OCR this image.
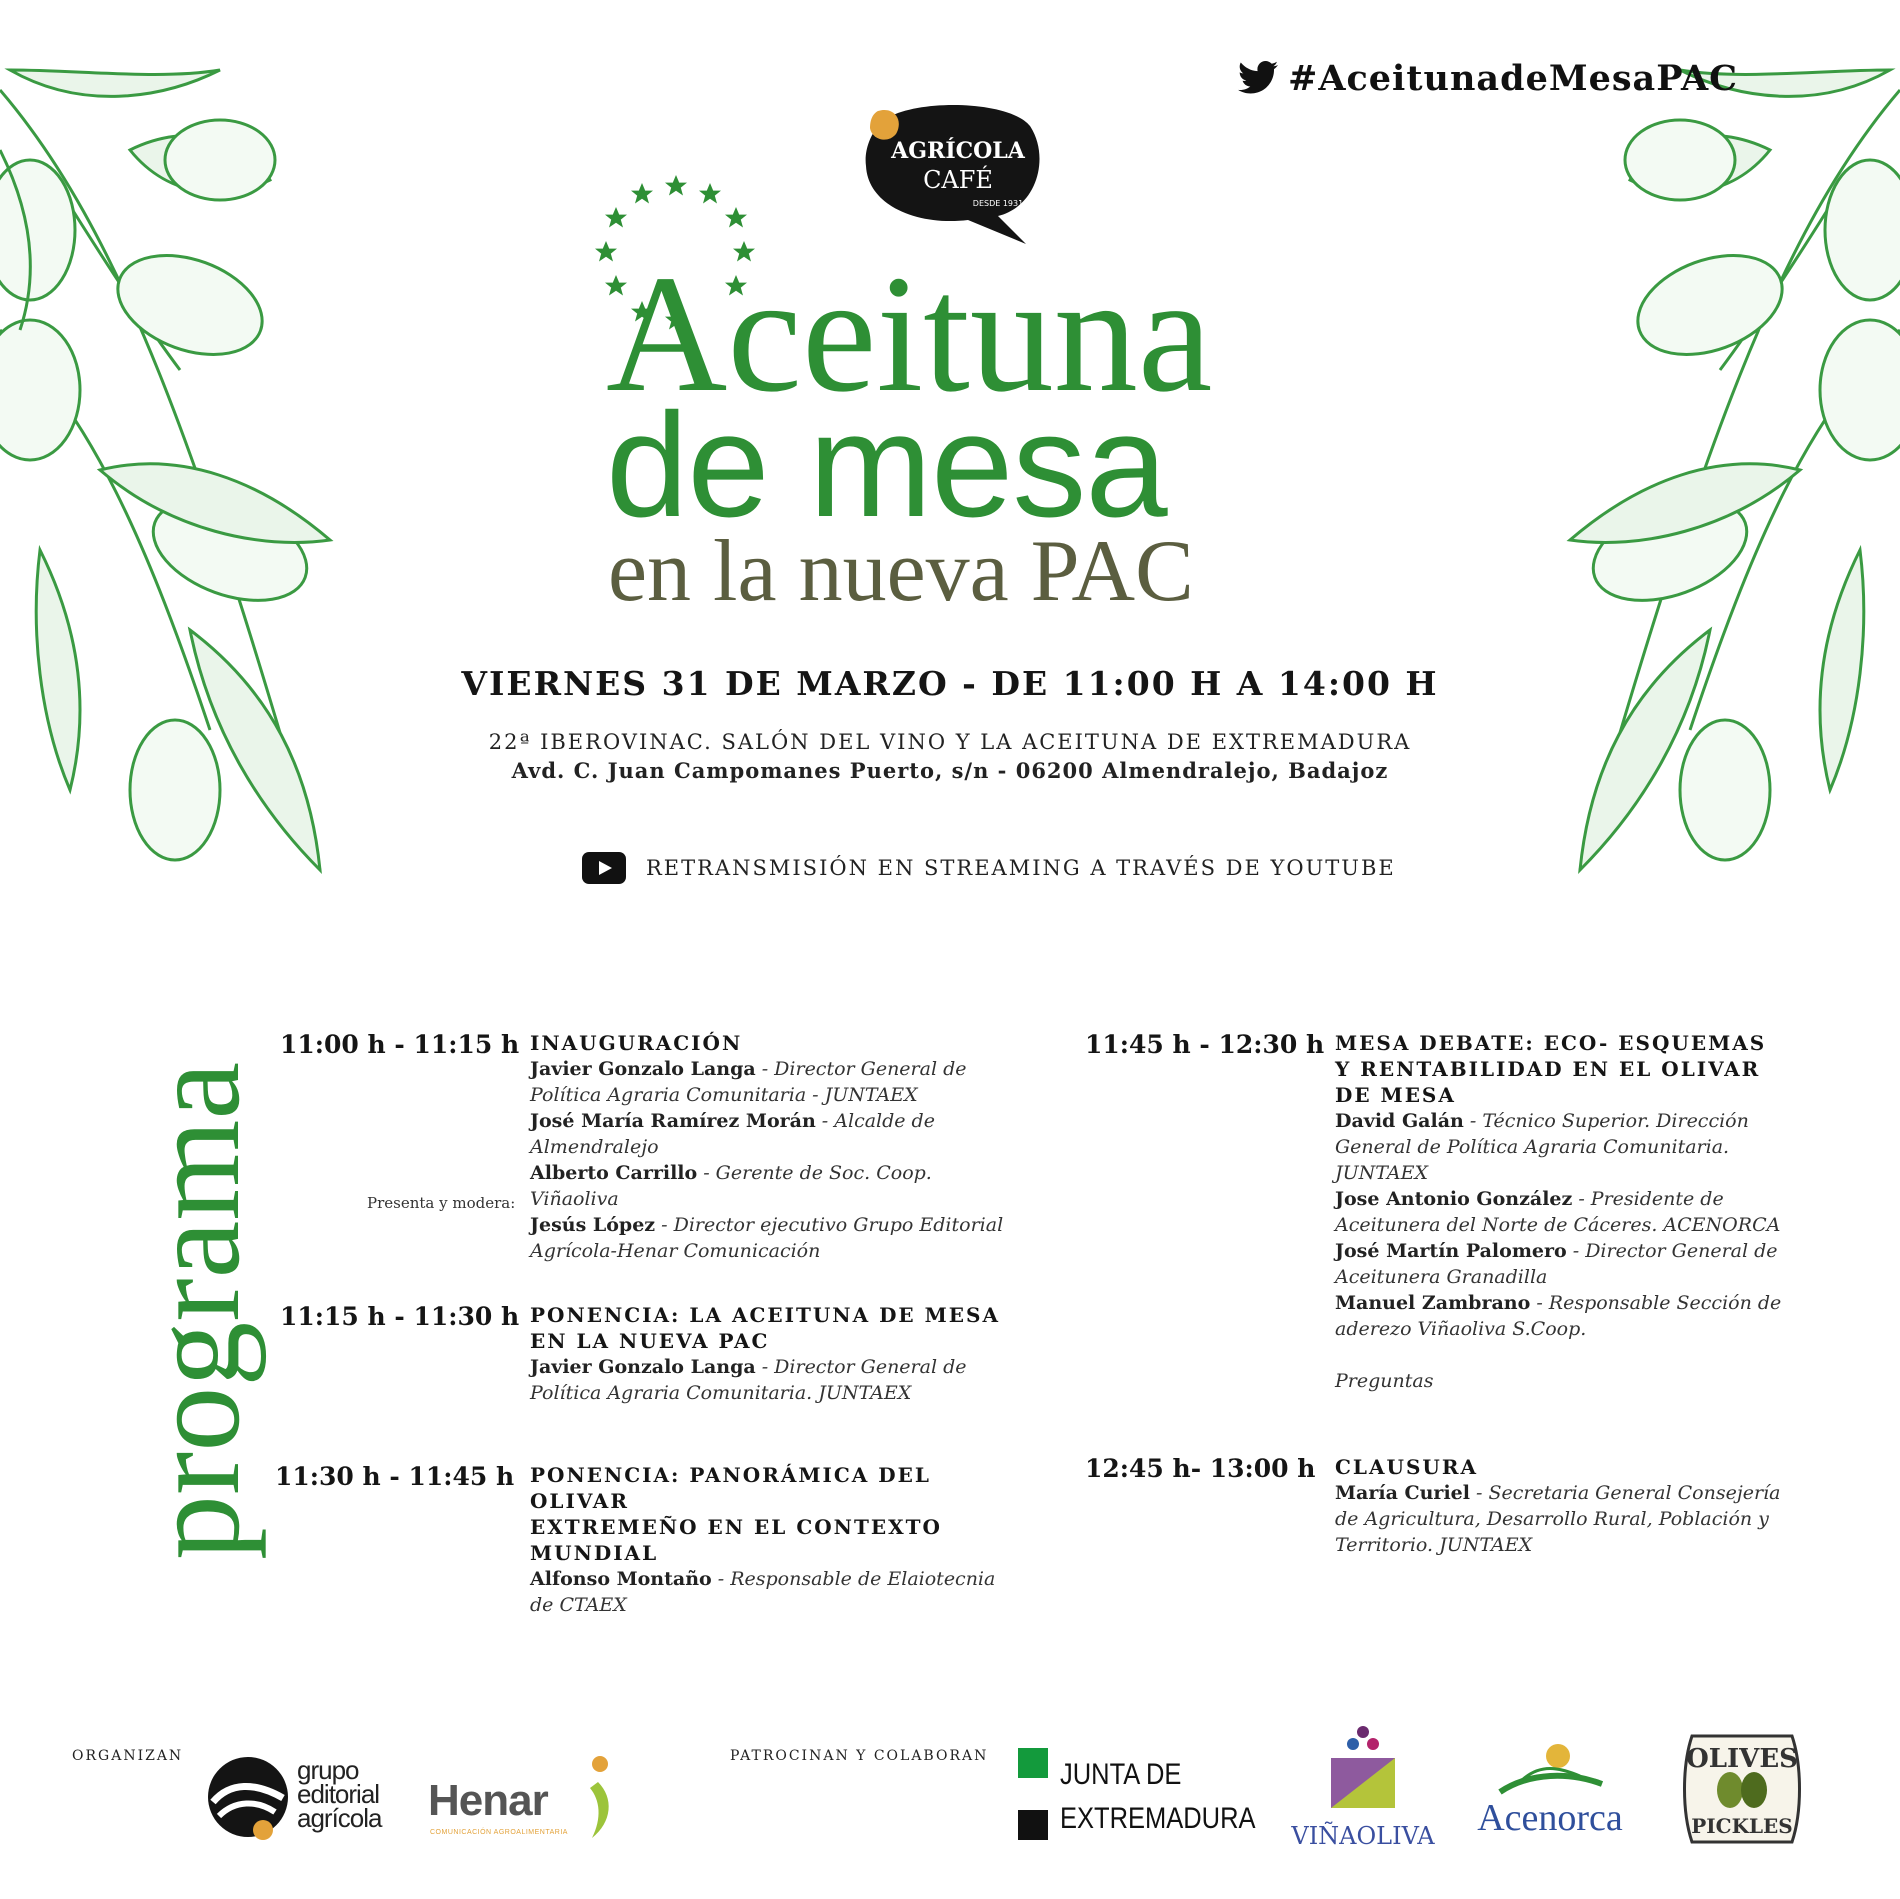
#AceitunadeMesaPAC
AGRÍCOLA
CAFÉ
DESDE 1931
Aceituna
de mesa
en la nueva PAC
VIERNES 31 DE MARZO - DE 11:00 H A 14:00 H
22ª IBEROVINAC. SALÓN DEL VINO Y LA ACEITUNA DE EXTREMADURA
Avd. C. Juan Campomanes Puerto, s/n - 06200 Almendralejo, Badajoz
RETRANSMISIÓN EN STREAMING A TRAVÉS DE YOUTUBE
programa
11:00 h - 11:15 h INAUGURACIÓN
Javier Gonzalo Langa - Director General de
Política Agraria Comunitaria - JUNTAEX
José María Ramírez Morán - Alcalde de
Almendralejo
Alberto Carrillo - Gerente de Soc. Coop. Viñaoliva
Jesús López - Director ejecutivo Grupo Editorial
Agrícola-Henar Comunicación
Presenta y modera:
11:15 h - 11:30 h PONENCIA: LA ACEITUNA DE MESA
EN LA NUEVA PAC
Javier Gonzalo Langa - Director General de
Política Agraria Comunitaria. JUNTAEX
11:30 h - 11:45 h PONENCIA: PANORÁMICA DEL OLIVAR
EXTREMEÑO EN EL CONTEXTO
MUNDIAL
Alfonso Montaño - Responsable de Elaiotecnia
de CTAEX
11:45 h - 12:30 h MESA DEBATE: ECO- ESQUEMAS
Y RENTABILIDAD EN EL OLIVAR
DE MESA
David Galán - Técnico Superior. Dirección
General de Política Agraria Comunitaria.
JUNTAEX
Jose Antonio González - Presidente de
Aceitunera del Norte de Cáceres. ACENORCA
José Martín Palomero - Director General de
Aceitunera Granadilla
Manuel Zambrano - Responsable Sección de
aderezo Viñaoliva S.Coop.
Preguntas
12:45 h- 13:00 h CLAUSURA
María Curiel - Secretaria General Consejería
de Agricultura, Desarrollo Rural, Población y
Territorio. JUNTAEX
ORGANIZAN	PATROCINAN Y COLABORAN
grupo
editorial
agrícola Henar
COMUNICACIÓN AGROALIMENTARIA
JUNTA DE
EXTREMADURA
VIÑAOLIVA	Acenorca
OLIVES
PICKLES
